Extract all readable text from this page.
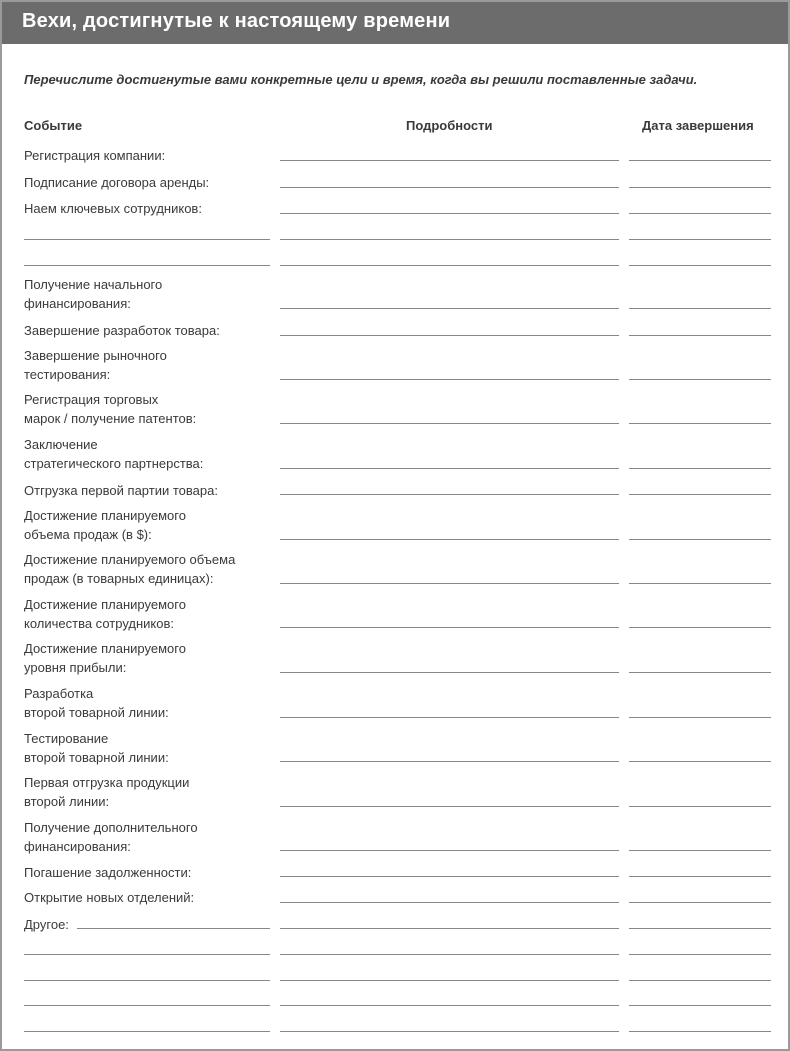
Вехи, достигнутые к настоящему времени
Перечислите достигнутые вами конкретные цели и время, когда вы решили поставленные задачи.
Событие	Подробности	Дата завершения
Регистрация компании:
Подписание договора аренды:
Наем ключевых сотрудников:
Получение начального
финансирования:
Завершение разработок товара:
Завершение рыночного
тестирования:
Регистрация торговых
марок / получение патентов:
Заключение
стратегического партнерства:
Отгрузка первой партии товара:
Достижение планируемого
объема продаж (в $):
Достижение планируемого объема
продаж (в товарных единицах):
Достижение планируемого
количества сотрудников:
Достижение планируемого
уровня прибыли:
Разработка
второй товарной линии:
Тестирование
второй товарной линии:
Первая отгрузка продукции
второй линии:
Получение дополнительного
финансирования:
Погашение задолженности:
Открытие новых отделений:
Другое:
